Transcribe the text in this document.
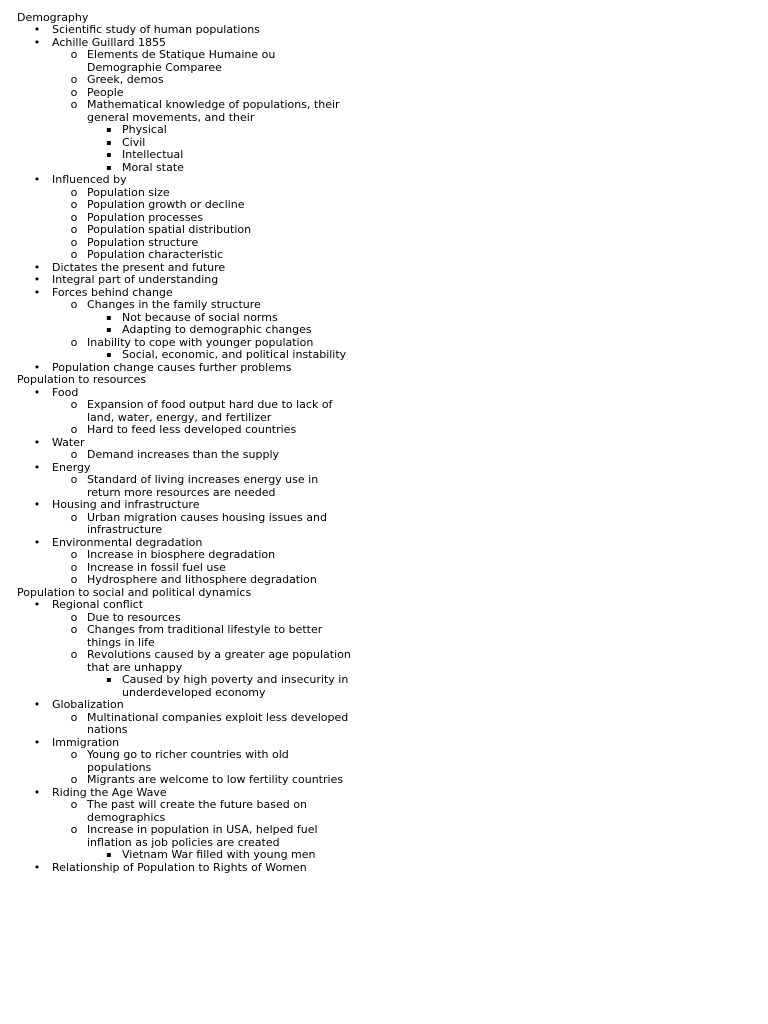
Demography
• Scientific study of human populations
• Achille Guillard 1855
o Elements de Statique Humaine ou
Demographie Comparee
o Greek, demos
o People
o Mathematical knowledge of populations, their
general movements, and their
▪ Physical
▪ Civil
▪ Intellectual
▪ Moral state
• Influenced by
o Population size
o Population growth or decline
o Population processes
o Population spatial distribution
o Population structure
o Population characteristic
• Dictates the present and future
• Integral part of understanding
• Forces behind change
o Changes in the family structure
▪ Not because of social norms
▪ Adapting to demographic changes
o Inability to cope with younger population
▪ Social, economic, and political instability
• Population change causes further problems
Population to resources
• Food
o Expansion of food output hard due to lack of
land, water, energy, and fertilizer
o Hard to feed less developed countries
• Water
o Demand increases than the supply
• Energy
o Standard of living increases energy use in
return more resources are needed
• Housing and infrastructure
o Urban migration causes housing issues and
infrastructure
• Environmental degradation
o Increase in biosphere degradation
o Increase in fossil fuel use
o Hydrosphere and lithosphere degradation
Population to social and political dynamics
• Regional conflict
o Due to resources
o Changes from traditional lifestyle to better
things in life
o Revolutions caused by a greater age population
that are unhappy
▪ Caused by high poverty and insecurity in
underdeveloped economy
• Globalization
o Multinational companies exploit less developed
nations
• Immigration
o Young go to richer countries with old
populations
o Migrants are welcome to low fertility countries
• Riding the Age Wave
o The past will create the future based on
demographics
o Increase in population in USA, helped fuel
inflation as job policies are created
▪ Vietnam War filled with young men
• Relationship of Population to Rights of Women
